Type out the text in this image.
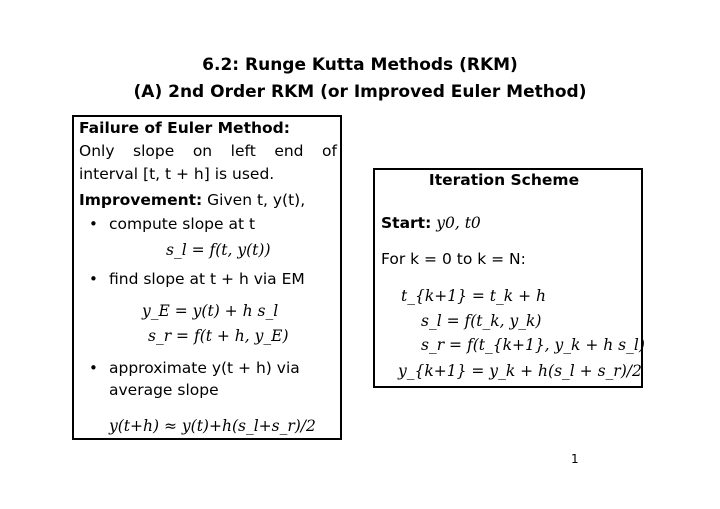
6.2: Runge Kutta Methods (RKM)
(A) 2nd Order RKM (or Improved Euler Method)
Failure of Euler Method:
Only slope on left end of
interval [t, t + h] is used.
Improvement: Given t, y(t),
• compute slope at t
s_l = f(t, y(t))
• find slope at t + h via EM
y_E = y(t) + h s_l
s_r = f(t + h, y_E)
• approximate y(t + h) via
average slope
y(t+h) ≈ y(t)+h(s_l+s_r)/2
Iteration Scheme
Start: y0, t0
For k = 0 to k = N:
t_{k+1} = t_k + h
s_l = f(t_k, y_k)
s_r = f(t_{k+1}, y_k + h s_l)
y_{k+1} = y_k + h(s_l + s_r)/2
1
